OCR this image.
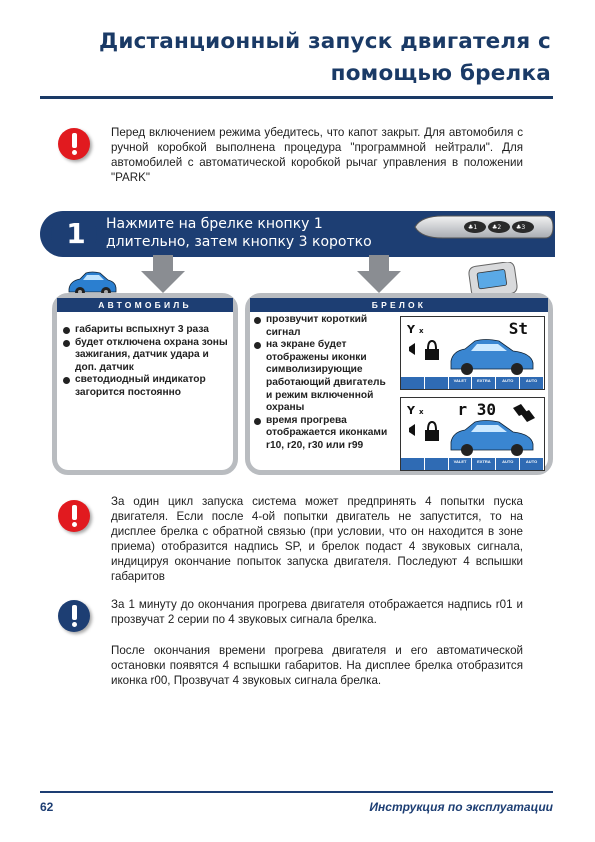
Дистанционный запуск двигателя с
помощью брелка
Перед включением режима убедитесь, что капот закрыт. Для автомобиля с ручной коробкой выполнена процедура "программной нейтрали". Для автомобилей с автоматической коробкой рычаг управления в положении "PARK"
1	Нажмите на брелке кнопку 1
длительно, затем кнопку 3 коротко
♣1 ♣2 ♣3
АВТОМОБИЛЬ
габариты вспыхнут 3 раза
будет отключена охрана зоны зажигания, датчик удара и доп. датчик
светодиодный индикатор загорится постоянно
БРЕЛОК
прозвучит короткий сигнал
на экране будет отображены иконки символизирующие работающий двигатель и режим включенной охраны
время прогрева отображается иконками r10, r20, r30 или r99
Y x	St
VALET	EXTRA	AUTO	AUTO
Y x r 30
VALET	EXTRA	AUTO	AUTO
За один цикл запуска система может предпринять 4 попытки пуска двигателя. Если после 4-ой попытки двигатель не запустится, то на дисплее брелка с обратной связью (при условии, что он находится в зоне приема) отобразится надпись SP, и брелок подаст 4 звуковых сигнала, индицируя окончание попыток запуска двигателя. Последуют 4 вспышки габаритов
За 1 минуту до окончания прогрева двигателя отображается надпись r01 и прозвучат 2 серии по 4 звуковых сигнала брелка.
После окончания времени прогрева двигателя и его автоматической остановки появятся 4 вспышки габаритов. На дисплее брелка отобразится иконка r00, Прозвучат 4 звуковых сигнала брелка.
62	Инструкция по эксплуатации
